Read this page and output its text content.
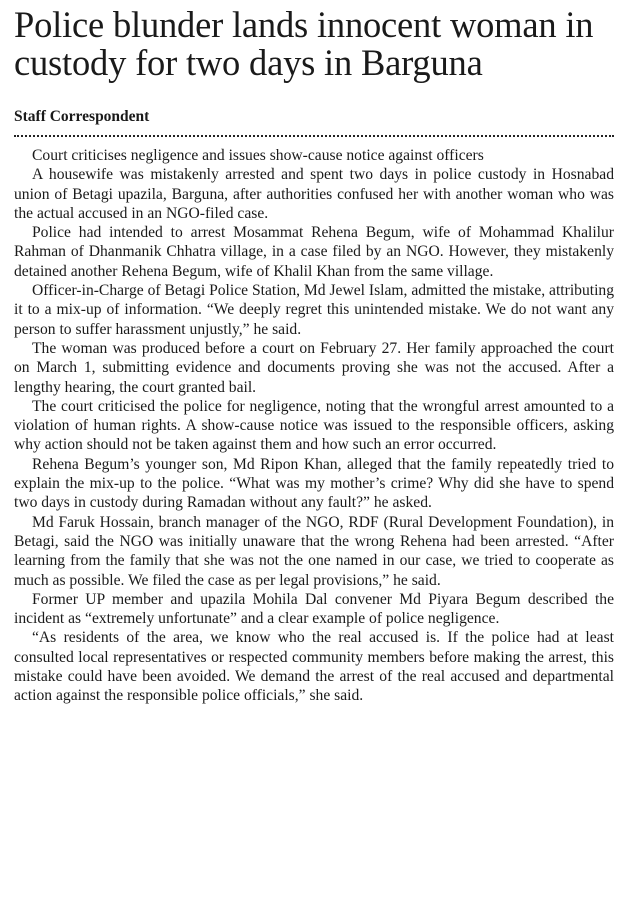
Police blunder lands innocent woman in custody for two days in Barguna
Staff Correspondent

Court criticises negligence and issues show-cause notice against officers

A housewife was mistakenly arrested and spent two days in police custody in Hosnabad union of Betagi upazila, Barguna, after authorities confused her with another woman who was the actual accused in an NGO-filed case.

Police had intended to arrest Mosammat Rehena Begum, wife of Mohammad Khalilur Rahman of Dhanmanik Chhatra village, in a case filed by an NGO. However, they mistakenly detained another Rehena Begum, wife of Khalil Khan from the same village.

Officer-in-Charge of Betagi Police Station, Md Jewel Islam, admitted the mistake, attributing it to a mix-up of information. “We deeply regret this unintended mistake. We do not want any person to suffer harassment unjustly,” he said.

The woman was produced before a court on February 27. Her family approached the court on March 1, submitting evidence and documents proving she was not the accused. After a lengthy hearing, the court granted bail.

The court criticised the police for negligence, noting that the wrongful arrest amounted to a violation of human rights. A show-cause notice was issued to the responsible officers, asking why action should not be taken against them and how such an error occurred.

Rehena Begum’s younger son, Md Ripon Khan, alleged that the family repeatedly tried to explain the mix-up to the police. “What was my mother’s crime? Why did she have to spend two days in custody during Ramadan without any fault?” he asked.

Md Faruk Hossain, branch manager of the NGO, RDF (Rural Development Foundation), in Betagi, said the NGO was initially unaware that the wrong Rehena had been arrested. “After learning from the family that she was not the one named in our case, we tried to cooperate as much as possible. We filed the case as per legal provisions,” he said.

Former UP member and upazila Mohila Dal convener Md Piyara Begum described the incident as “extremely unfortunate” and a clear example of police negligence.

“As residents of the area, we know who the real accused is. If the police had at least consulted local representatives or respected community members before making the arrest, this mistake could have been avoided. We demand the arrest of the real accused and departmental action against the responsible police officials,” she said.
